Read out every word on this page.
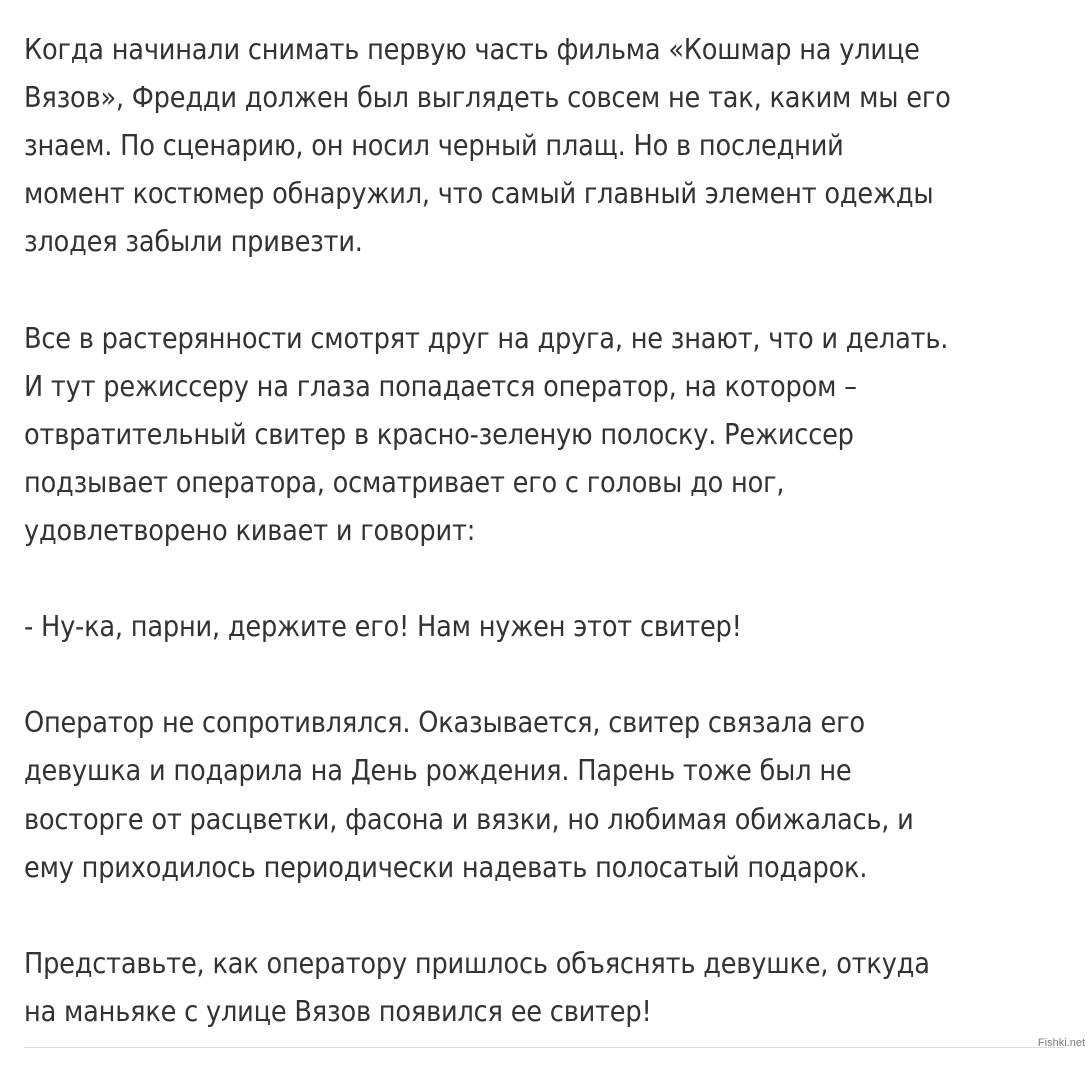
Когда начинали снимать первую часть фильма «Кошмар на улице
Вязов», Фредди должен был выглядеть совсем не так, каким мы его
знаем. По сценарию, он носил черный плащ. Но в последний
момент костюмер обнаружил, что самый главный элемент одежды
злодея забыли привезти.

Все в растерянности смотрят друг на друга, не знают, что и делать.
И тут режиссеру на глаза попадается оператор, на котором –
отвратительный свитер в красно-зеленую полоску. Режиссер
подзывает оператора, осматривает его с головы до ног,
удовлетворено кивает и говорит:

- Ну-ка, парни, держите его! Нам нужен этот свитер!

Оператор не сопротивлялся. Оказывается, свитер связала его
девушка и подарила на День рождения. Парень тоже был не
восторге от расцветки, фасона и вязки, но любимая обижалась, и
ему приходилось периодически надевать полосатый подарок.

Представьте, как оператору пришлось объяснять девушке, откуда
на маньяке с улице Вязов появился ее свитер!

Fishki.net
